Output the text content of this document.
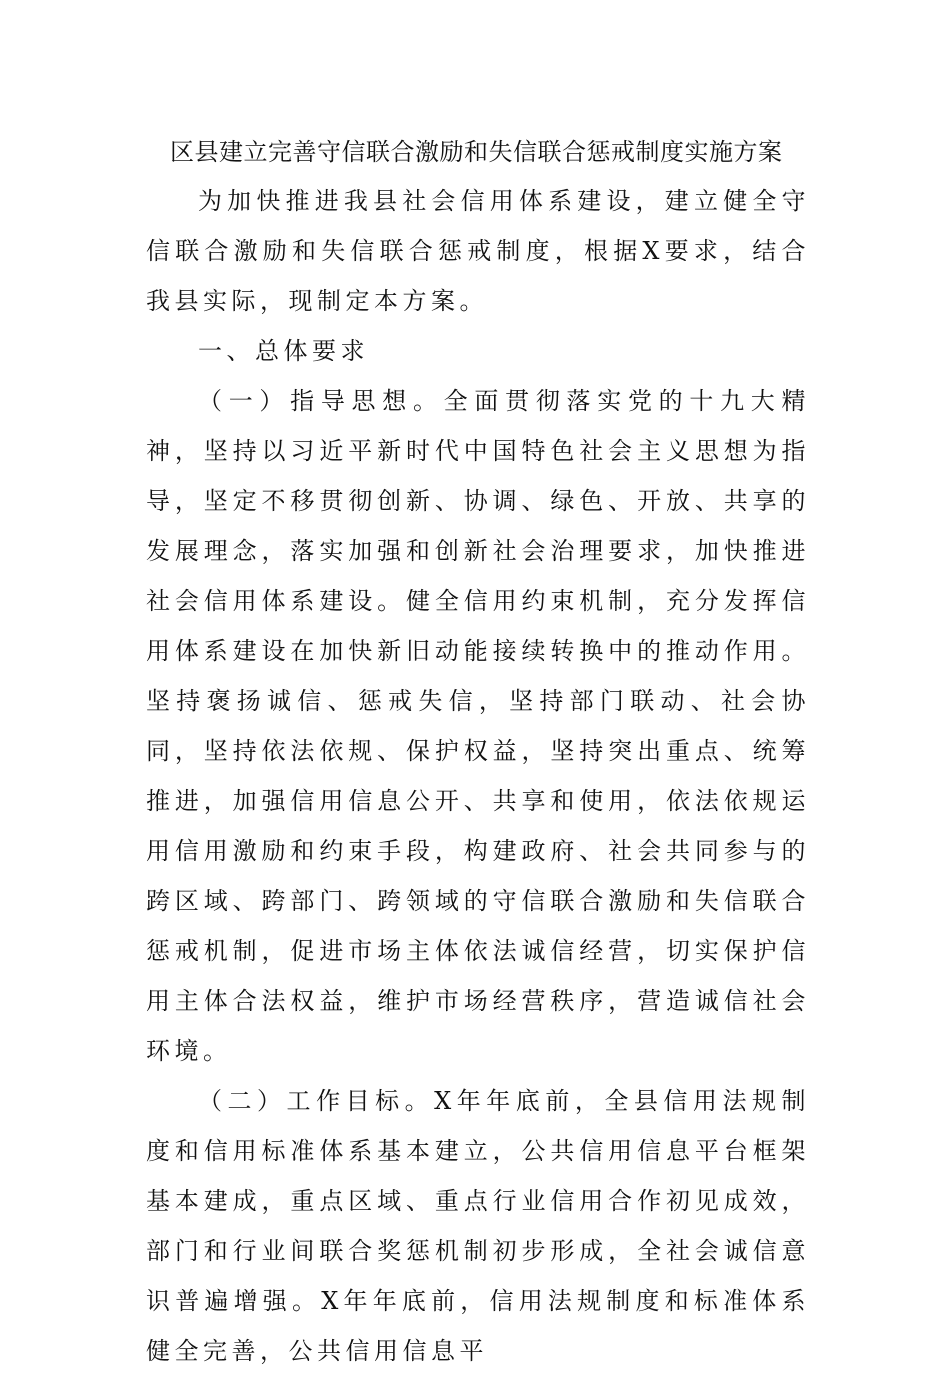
区县建立完善守信联合激励和失信联合惩戒制度实施方案

为加快推进我县社会信用体系建设，建立健全守信联合激励和失信联合惩戒制度，根据X要求，结合我县实际，现制定本方案。

一、总体要求

（一）指导思想。全面贯彻落实党的十九大精神，坚持以习近平新时代中国特色社会主义思想为指导，坚定不移贯彻创新、协调、绿色、开放、共享的发展理念，落实加强和创新社会治理要求，加快推进社会信用体系建设。健全信用约束机制，充分发挥信用体系建设在加快新旧动能接续转换中的推动作用。坚持褒扬诚信、惩戒失信，坚持部门联动、社会协同，坚持依法依规、保护权益，坚持突出重点、统筹推进，加强信用信息公开、共享和使用，依法依规运用信用激励和约束手段，构建政府、社会共同参与的跨区域、跨部门、跨领域的守信联合激励和失信联合惩戒机制，促进市场主体依法诚信经营，切实保护信用主体合法权益，维护市场经营秩序，营造诚信社会环境。

（二）工作目标。X年年底前，全县信用法规制度和信用标准体系基本建立，公共信用信息平台框架基本建成，重点区域、重点行业信用合作初见成效，部门和行业间联合奖惩机制初步形成，全社会诚信意识普遍增强。X年年底前，信用法规制度和标准体系健全完善，公共信用信息平
